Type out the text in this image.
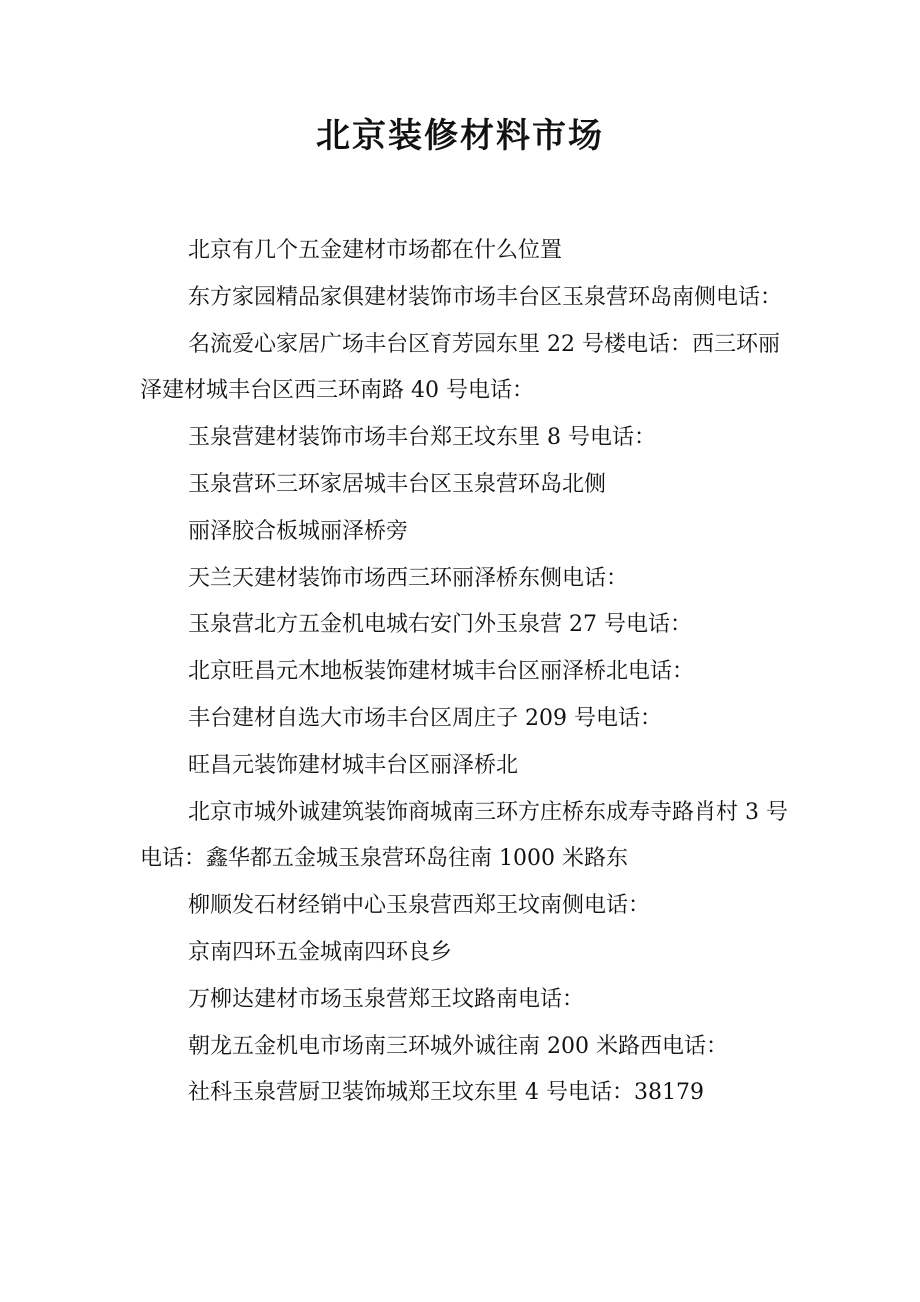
北京装修材料市场

北京有几个五金建材市场都在什么位置

东方家园精品家俱建材装饰市场丰台区玉泉营环岛南侧电话：

名流爱心家居广场丰台区育芳园东里 22 号楼电话：西三环丽泽建材城丰台区西三环南路 40 号电话：

玉泉营建材装饰市场丰台郑王坟东里 8 号电话：

玉泉营环三环家居城丰台区玉泉营环岛北侧

丽泽胶合板城丽泽桥旁

天兰天建材装饰市场西三环丽泽桥东侧电话：

玉泉营北方五金机电城右安门外玉泉营 27 号电话：

北京旺昌元木地板装饰建材城丰台区丽泽桥北电话：

丰台建材自选大市场丰台区周庄子 209 号电话：

旺昌元装饰建材城丰台区丽泽桥北

北京市城外诚建筑装饰商城南三环方庄桥东成寿寺路肖村 3 号电话：鑫华都五金城玉泉营环岛往南 1000 米路东

柳顺发石材经销中心玉泉营西郑王坟南侧电话：

京南四环五金城南四环良乡

万柳达建材市场玉泉营郑王坟路南电话：

朝龙五金机电市场南三环城外诚往南 200 米路西电话：

社科玉泉营厨卫装饰城郑王坟东里 4 号电话：38179
